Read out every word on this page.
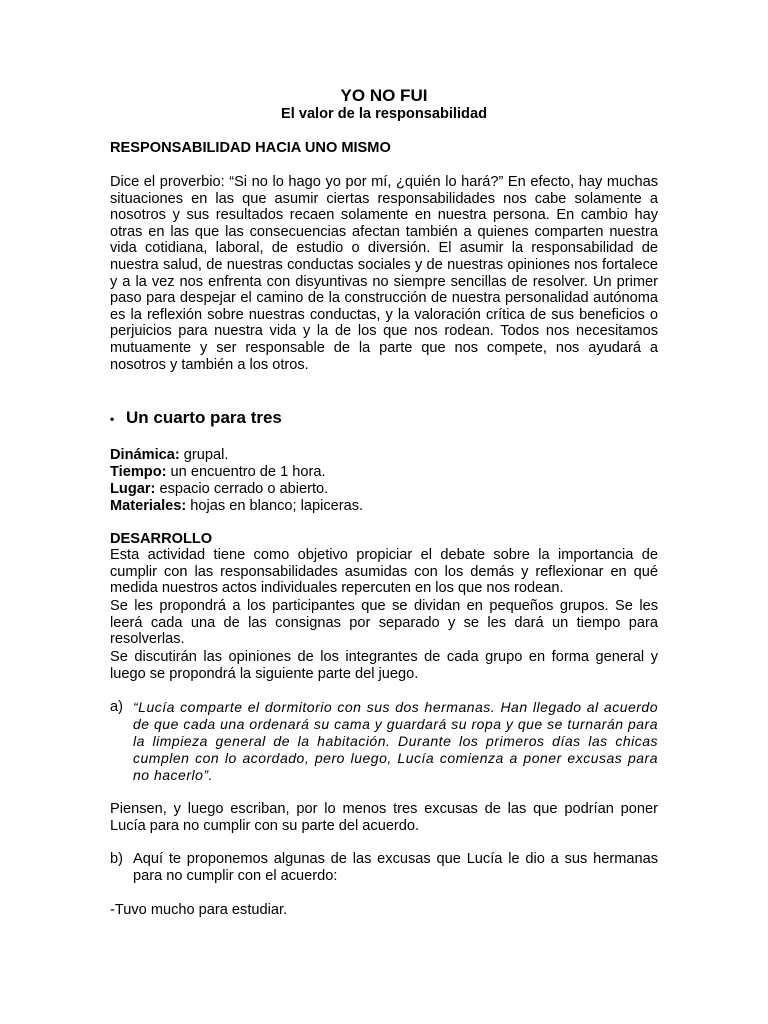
YO NO FUI
El valor de la responsabilidad
RESPONSABILIDAD HACIA UNO MISMO
Dice el proverbio: “Si no lo hago yo por mí, ¿quién lo hará?” En efecto, hay muchas situaciones en las que asumir ciertas responsabilidades nos cabe solamente a nosotros y sus resultados recaen solamente en nuestra persona. En cambio hay otras en las que las consecuencias afectan también a quienes comparten nuestra vida cotidiana, laboral, de estudio o diversión. El asumir la responsabilidad de nuestra salud, de nuestras conductas sociales y de nuestras opiniones nos fortalece y a la vez nos enfrenta con disyuntivas no siempre sencillas de resolver. Un primer paso para despejar el camino de la construcción de nuestra personalidad autónoma es la reflexión sobre nuestras conductas, y la valoración crítica de sus beneficios o perjuicios para nuestra vida y la de los que nos rodean. Todos nos necesitamos mutuamente y ser responsable de la parte que nos compete, nos ayudará a nosotros y también a los otros.
• Un cuarto para tres
Dinámica: grupal.
Tiempo: un encuentro de 1 hora.
Lugar: espacio cerrado o abierto.
Materiales: hojas en blanco; lapiceras.
DESARROLLO
Esta actividad tiene como objetivo propiciar el debate sobre la importancia de cumplir con las responsabilidades asumidas con los demás y reflexionar en qué medida nuestros actos individuales repercuten en los que nos rodean.
Se les propondrá a los participantes que se dividan en pequeños grupos. Se les leerá cada una de las consignas por separado y se les dará un tiempo para resolverlas.
Se discutirán las opiniones de los integrantes de cada grupo en forma general y luego se propondrá la siguiente parte del juego.
a) “Lucía comparte el dormitorio con sus dos hermanas. Han llegado al acuerdo de que cada una ordenará su cama y guardará su ropa y que se turnarán para la limpieza general de la habitación. Durante los primeros días las chicas cumplen con lo acordado, pero luego, Lucía comienza a poner excusas para no hacerlo”.
Piensen, y luego escriban, por lo menos tres excusas de las que podrían poner Lucía para no cumplir con su parte del acuerdo.
b) Aquí te proponemos algunas de las excusas que Lucía le dio a sus hermanas para no cumplir con el acuerdo:
-Tuvo mucho para estudiar.
